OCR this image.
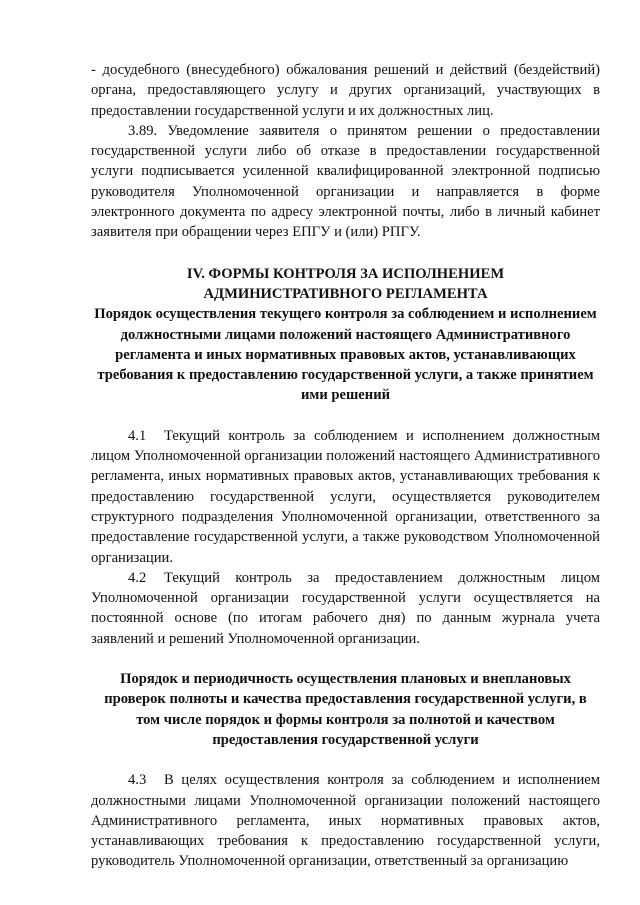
- досудебного (внесудебного) обжалования решений и действий (бездействий) органа, предоставляющего услугу и других организаций, участвующих в предоставлении государственной услуги и их должностных лиц.

3.89. Уведомление заявителя о принятом решении о предоставлении государственной услуги либо об отказе в предоставлении государственной услуги подписывается усиленной квалифицированной электронной подписью руководителя Уполномоченной организации и направляется в форме электронного документа по адресу электронной почты, либо в личный кабинет заявителя при обращении через ЕПГУ и (или) РПГУ.

IV. ФОРМЫ КОНТРОЛЯ ЗА ИСПОЛНЕНИЕМ АДМИНИСТРАТИВНОГО РЕГЛАМЕНТА

Порядок осуществления текущего контроля за соблюдением и исполнением должностными лицами положений настоящего Административного регламента и иных нормативных правовых актов, устанавливающих требования к предоставлению государственной услуги, а также принятием ими решений

4.1 Текущий контроль за соблюдением и исполнением должностным лицом Уполномоченной организации положений настоящего Административного регламента, иных нормативных правовых актов, устанавливающих требования к предоставлению государственной услуги, осуществляется руководителем структурного подразделения Уполномоченной организации, ответственного за предоставление государственной услуги, а также руководством Уполномоченной организации.

4.2 Текущий контроль за предоставлением должностным лицом Уполномоченной организации государственной услуги осуществляется на постоянной основе (по итогам рабочего дня) по данным журнала учета заявлений и решений Уполномоченной организации.

Порядок и периодичность осуществления плановых и внеплановых проверок полноты и качества предоставления государственной услуги, в том числе порядок и формы контроля за полнотой и качеством предоставления государственной услуги

4.3 В целях осуществления контроля за соблюдением и исполнением должностными лицами Уполномоченной организации положений настоящего Административного регламента, иных нормативных правовых актов, устанавливающих требования к предоставлению государственной услуги, руководитель Уполномоченной организации, ответственный за организацию
